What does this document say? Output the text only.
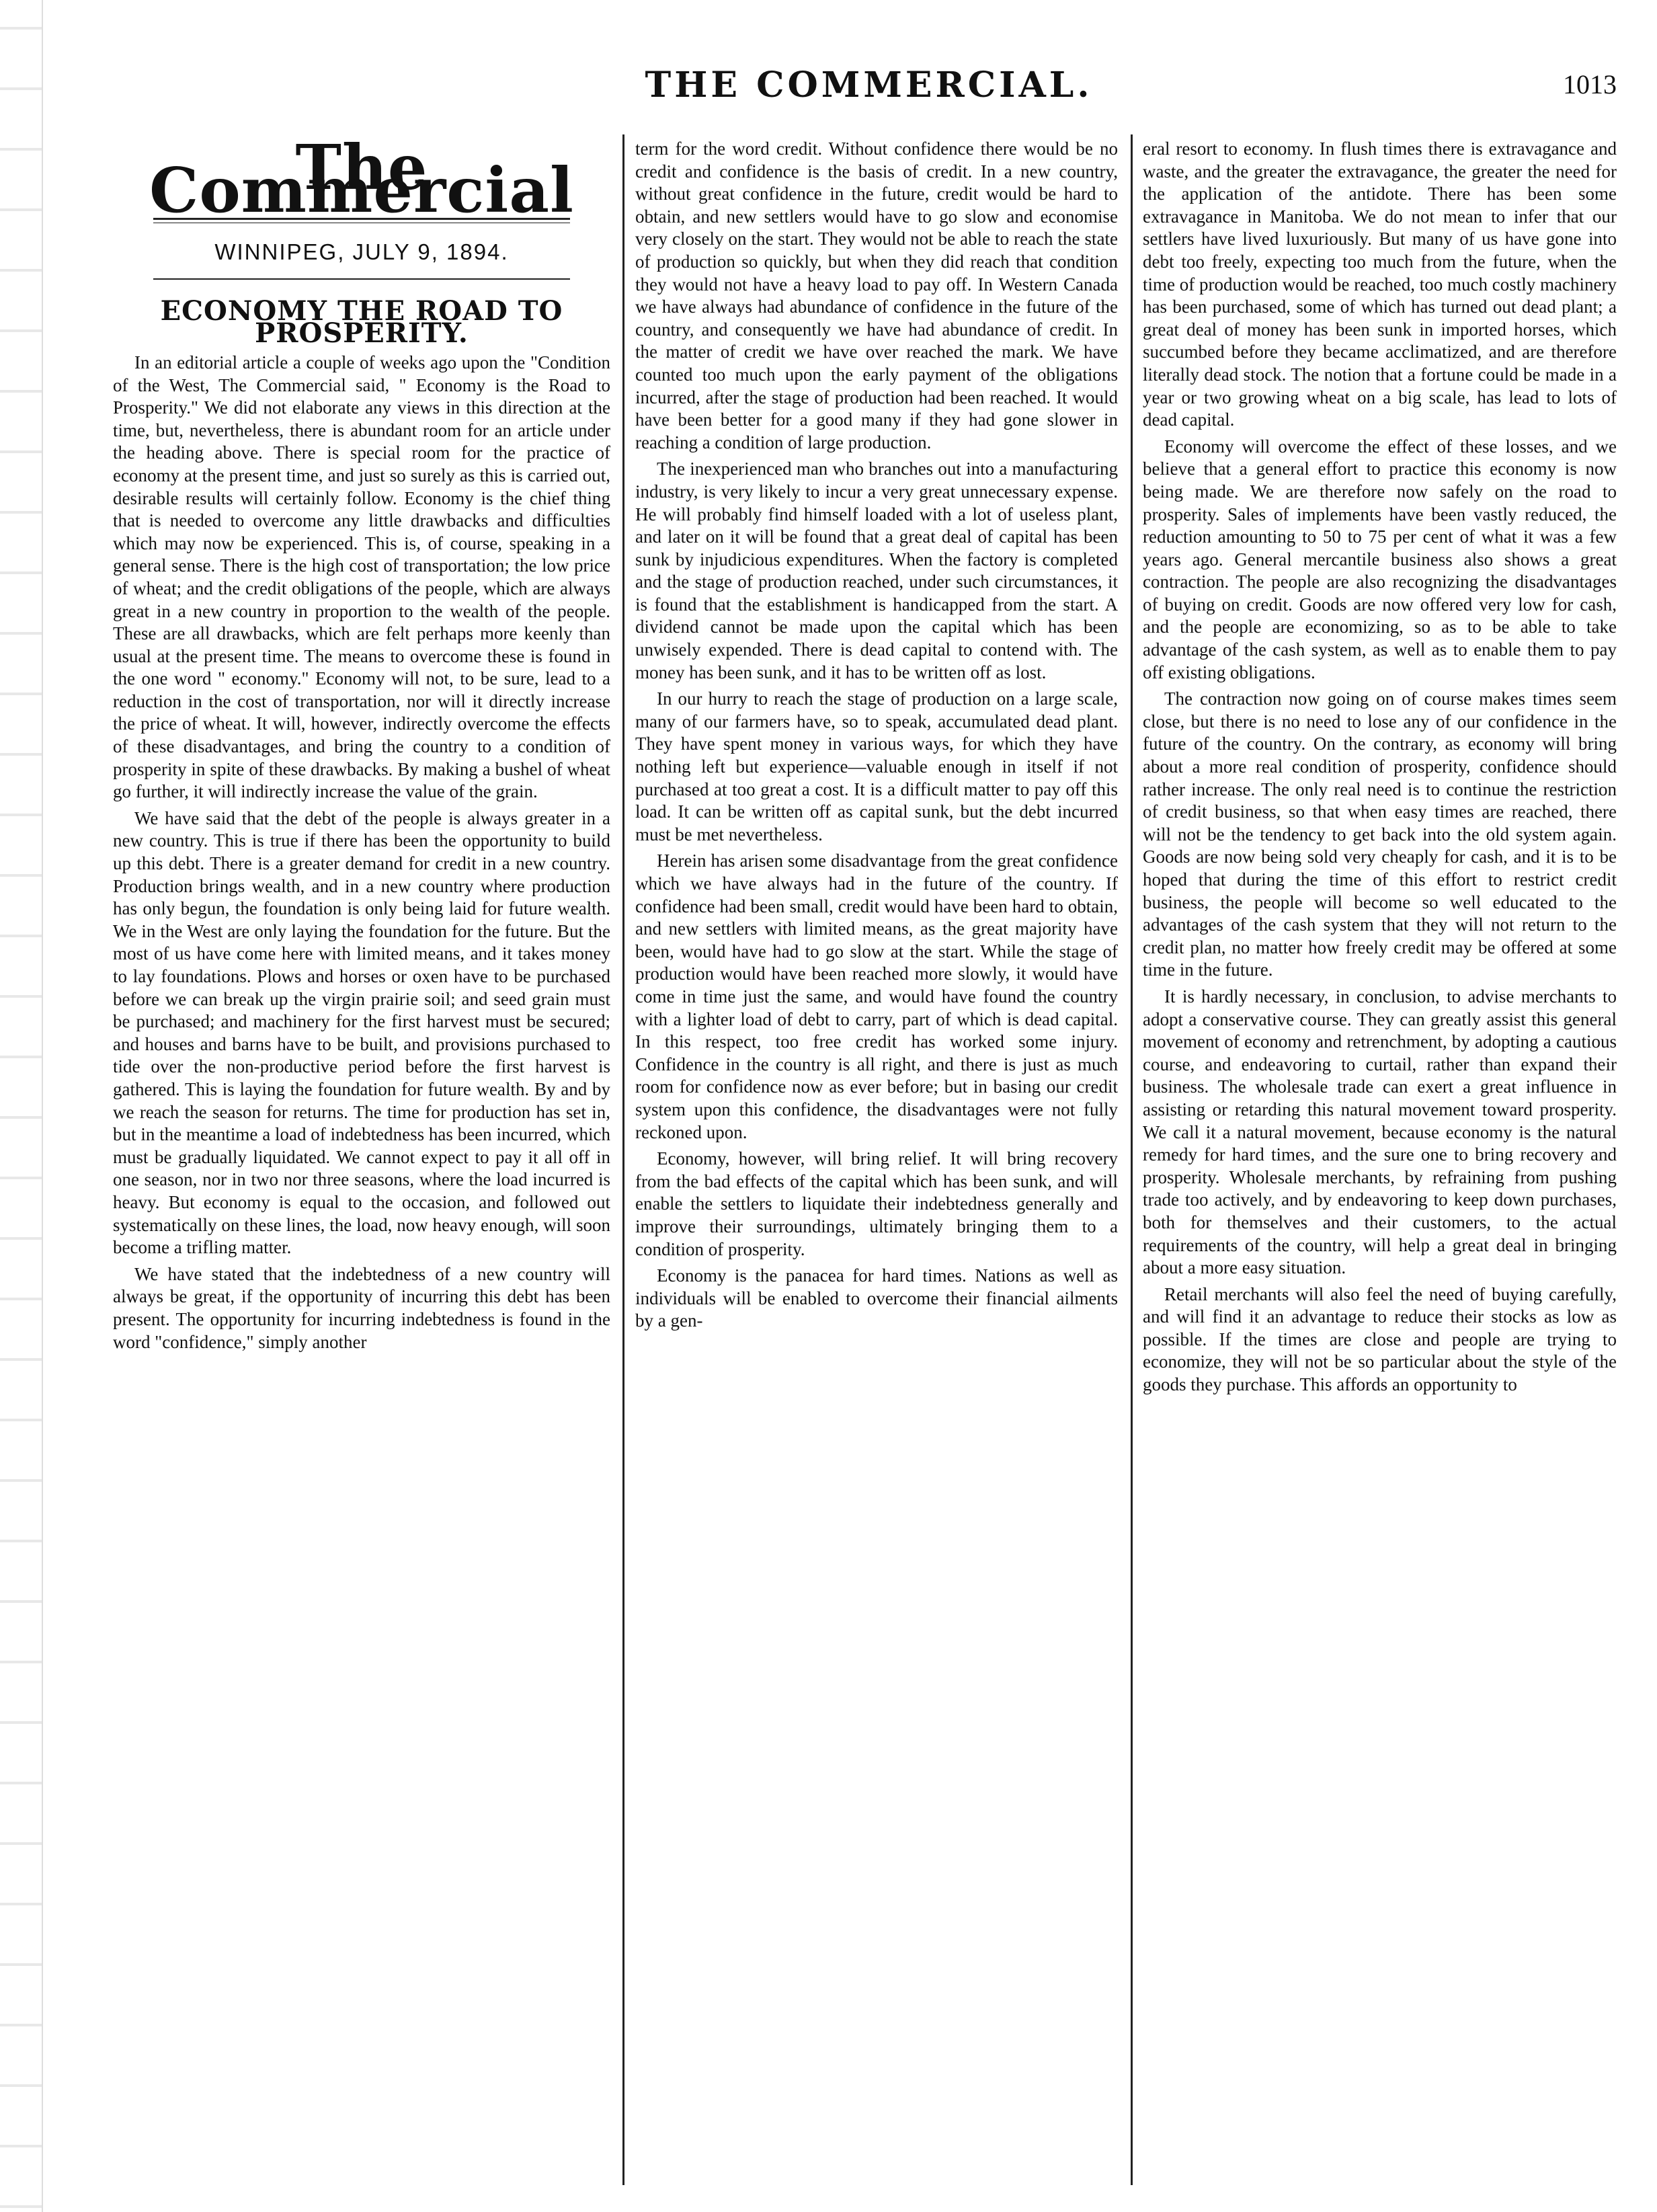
THE COMMERCIAL.	1013
The Commercial
WINNIPEG, JULY 9, 1894.
ECONOMY THE ROAD TO PROSPERITY.

In an editorial article a couple of weeks ago upon the "Condition of the West, The Commercial said, " Economy is the Road to Prosperity." We did not elaborate any views in this direction at the time, but, nevertheless, there is abundant room for an article under the heading above. There is special room for the practice of economy at the present time, and just so surely as this is carried out, desirable results will certainly follow. Economy is the chief thing that is needed to overcome any little drawbacks and difficulties which may now be experienced. This is, of course, speaking in a general sense. There is the high cost of transportation; the low price of wheat; and the credit obligations of the people, which are always great in a new country in proportion to the wealth of the people. These are all drawbacks, which are felt perhaps more keenly than usual at the present time. The means to overcome these is found in the one word " economy." Economy will not, to be sure, lead to a reduction in the cost of transportation, nor will it directly increase the price of wheat. It will, however, indirectly overcome the effects of these disadvantages, and bring the country to a condition of prosperity in spite of these drawbacks. By making a bushel of wheat go further, it will indirectly increase the value of the grain.

We have said that the debt of the people is always greater in a new country. This is true if there has been the opportunity to build up this debt. There is a greater demand for credit in a new country. Production brings wealth, and in a new country where production has only begun, the foundation is only being laid for future wealth. We in the West are only laying the foundation for the future. But the most of us have come here with limited means, and it takes money to lay foundations. Plows and horses or oxen have to be purchased before we can break up the virgin prairie soil; and seed grain must be purchased; and machinery for the first harvest must be secured; and houses and barns have to be built, and provisions purchased to tide over the non-productive period before the first harvest is gathered. This is laying the foundation for future wealth. By and by we reach the season for returns. The time for production has set in, but in the meantime a load of indebtedness has been incurred, which must be gradually liquidated. We cannot expect to pay it all off in one season, nor in two nor three seasons, where the load incurred is heavy. But economy is equal to the occasion, and followed out systematically on these lines, the load, now heavy enough, will soon become a trifling matter.

We have stated that the indebtedness of a new country will always be great, if the opportunity of incurring this debt has been present. The opportunity for incurring indebtedness is found in the word "confidence," simply another

term for the word credit. Without confidence there would be no credit and confidence is the basis of credit. In a new country, without great confidence in the future, credit would be hard to obtain, and new settlers would have to go slow and economise very closely on the start. They would not be able to reach the state of production so quickly, but when they did reach that condition they would not have a heavy load to pay off. In Western Canada we have always had abundance of confidence in the future of the country, and consequently we have had abundance of credit. In the matter of credit we have over reached the mark. We have counted too much upon the early payment of the obligations incurred, after the stage of production had been reached. It would have been better for a good many if they had gone slower in reaching a condition of large production.

The inexperienced man who branches out into a manufacturing industry, is very likely to incur a very great unnecessary expense. He will probably find himself loaded with a lot of useless plant, and later on it will be found that a great deal of capital has been sunk by injudicious expenditures. When the factory is completed and the stage of production reached, under such circumstances, it is found that the establishment is handicapped from the start. A dividend cannot be made upon the capital which has been unwisely expended. There is dead capital to contend with. The money has been sunk, and it has to be written off as lost.

In our hurry to reach the stage of production on a large scale, many of our farmers have, so to speak, accumulated dead plant. They have spent money in various ways, for which they have nothing left but experience—valuable enough in itself if not purchased at too great a cost. It is a difficult matter to pay off this load. It can be written off as capital sunk, but the debt incurred must be met nevertheless.

Herein has arisen some disadvantage from the great confidence which we have always had in the future of the country. If confidence had been small, credit would have been hard to obtain, and new settlers with limited means, as the great majority have been, would have had to go slow at the start. While the stage of production would have been reached more slowly, it would have come in time just the same, and would have found the country with a lighter load of debt to carry, part of which is dead capital. In this respect, too free credit has worked some injury. Confidence in the country is all right, and there is just as much room for confidence now as ever before; but in basing our credit system upon this confidence, the disadvantages were not fully reckoned upon.

Economy, however, will bring relief. It will bring recovery from the bad effects of the capital which has been sunk, and will enable the settlers to liquidate their indebtedness generally and improve their surroundings, ultimately bringing them to a condition of prosperity.

Economy is the panacea for hard times. Nations as well as individuals will be enabled to overcome their financial ailments by a gen-

eral resort to economy. In flush times there is extravagance and waste, and the greater the extravagance, the greater the need for the application of the antidote. There has been some extravagance in Manitoba. We do not mean to infer that our settlers have lived luxuriously. But many of us have gone into debt too freely, expecting too much from the future, when the time of production would be reached, too much costly machinery has been purchased, some of which has turned out dead plant; a great deal of money has been sunk in imported horses, which succumbed before they became acclimatized, and are therefore literally dead stock. The notion that a fortune could be made in a year or two growing wheat on a big scale, has lead to lots of dead capital.

Economy will overcome the effect of these losses, and we believe that a general effort to practice this economy is now being made. We are therefore now safely on the road to prosperity. Sales of implements have been vastly reduced, the reduction amounting to 50 to 75 per cent of what it was a few years ago. General mercantile business also shows a great contraction. The people are also recognizing the disadvantages of buying on credit. Goods are now offered very low for cash, and the people are economizing, so as to be able to take advantage of the cash system, as well as to enable them to pay off existing obligations.

The contraction now going on of course makes times seem close, but there is no need to lose any of our confidence in the future of the country. On the contrary, as economy will bring about a more real condition of prosperity, confidence should rather increase. The only real need is to continue the restriction of credit business, so that when easy times are reached, there will not be the tendency to get back into the old system again. Goods are now being sold very cheaply for cash, and it is to be hoped that during the time of this effort to restrict credit business, the people will become so well educated to the advantages of the cash system that they will not return to the credit plan, no matter how freely credit may be offered at some time in the future.

It is hardly necessary, in conclusion, to advise merchants to adopt a conservative course. They can greatly assist this general movement of economy and retrenchment, by adopting a cautious course, and endeavoring to curtail, rather than expand their business. The wholesale trade can exert a great influence in assisting or retarding this natural movement toward prosperity. We call it a natural movement, because economy is the natural remedy for hard times, and the sure one to bring recovery and prosperity. Wholesale merchants, by refraining from pushing trade too actively, and by endeavoring to keep down purchases, both for themselves and their customers, to the actual requirements of the country, will help a great deal in bringing about a more easy situation.

Retail merchants will also feel the need of buying carefully, and will find it an advantage to reduce their stocks as low as possible. If the times are close and people are trying to economize, they will not be so particular about the style of the goods they purchase. This affords an opportunity to
